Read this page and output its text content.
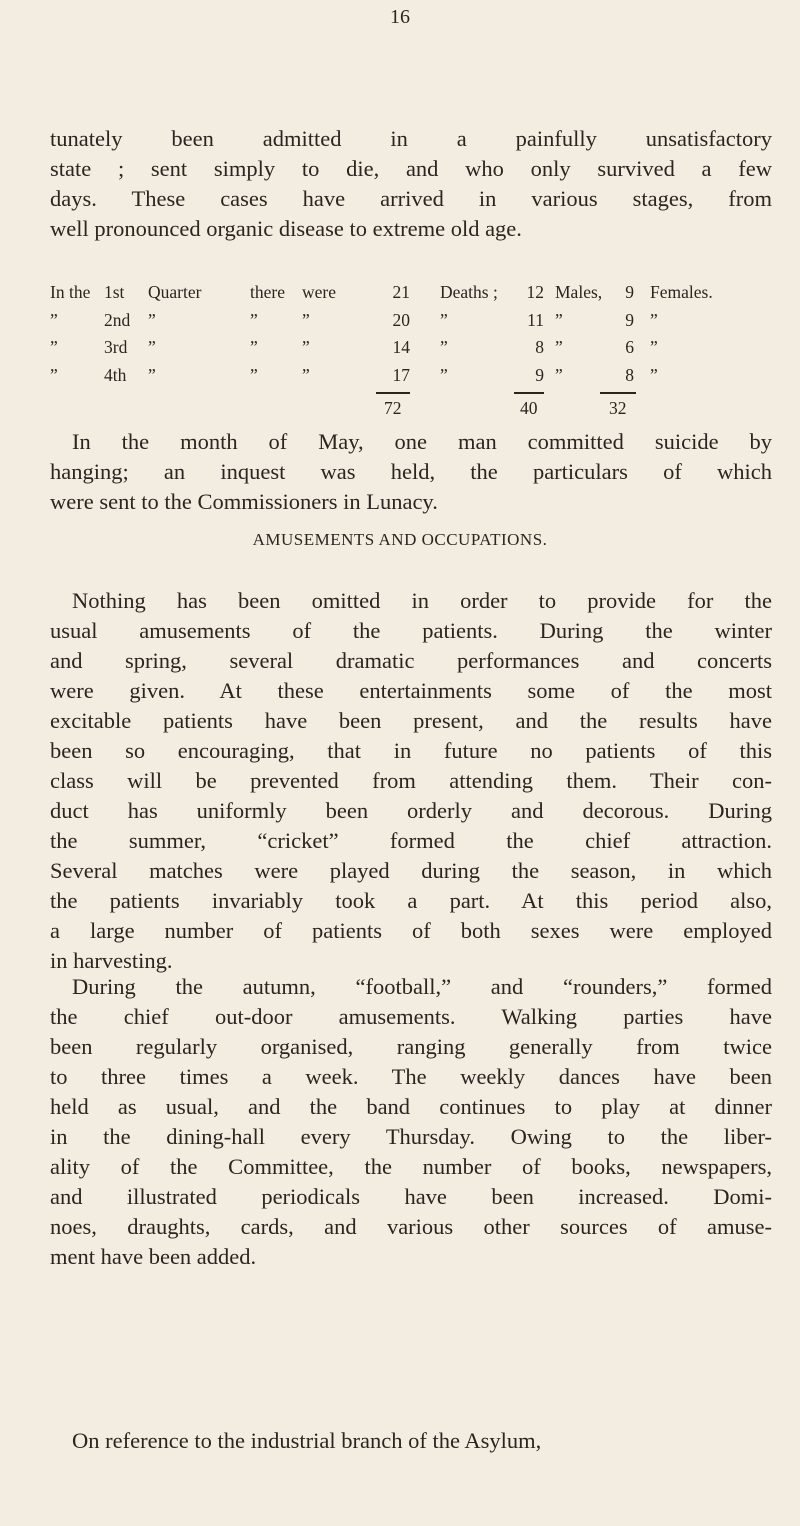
16
tunately been admitted in a painfully unsatisfactory
state ; sent simply to die, and who only survived a few
days. These cases have arrived in various stages, from
well pronounced organic disease to extreme old age.
In the 1st Quarter	there were	21 Deaths ;	12 Males,	9 Females.
”	2nd ”	”	”	20 ”	11 ”	9 ”
”	3rd ”	”	”	14 ”	8 ”	6 ”
”	4th ”	”	”	17 ”	9 ”	8 ”
72	40	32
In the month of May, one man committed suicide by
hanging; an inquest was held, the particulars of which
were sent to the Commissioners in Lunacy.
AMUSEMENTS AND OCCUPATIONS.
Nothing has been omitted in order to provide for the
usual amusements of the patients. During the winter
and spring, several dramatic performances and concerts
were given. At these entertainments some of the most
excitable patients have been present, and the results have
been so encouraging, that in future no patients of this
class will be prevented from attending them. Their con-
duct has uniformly been orderly and decorous. During
the summer, “cricket” formed the chief attraction.
Several matches were played during the season, in which
the patients invariably took a part. At this period also,
a large number of patients of both sexes were employed
in harvesting.
During the autumn, “football,” and “rounders,” formed
the chief out-door amusements. Walking parties have
been regularly organised, ranging generally from twice
to three times a week. The weekly dances have been
held as usual, and the band continues to play at dinner
in the dining-hall every Thursday. Owing to the liber-
ality of the Committee, the number of books, newspapers,
and illustrated periodicals have been increased. Domi-
noes, draughts, cards, and various other sources of amuse-
ment have been added.
On reference to the industrial branch of the Asylum,
